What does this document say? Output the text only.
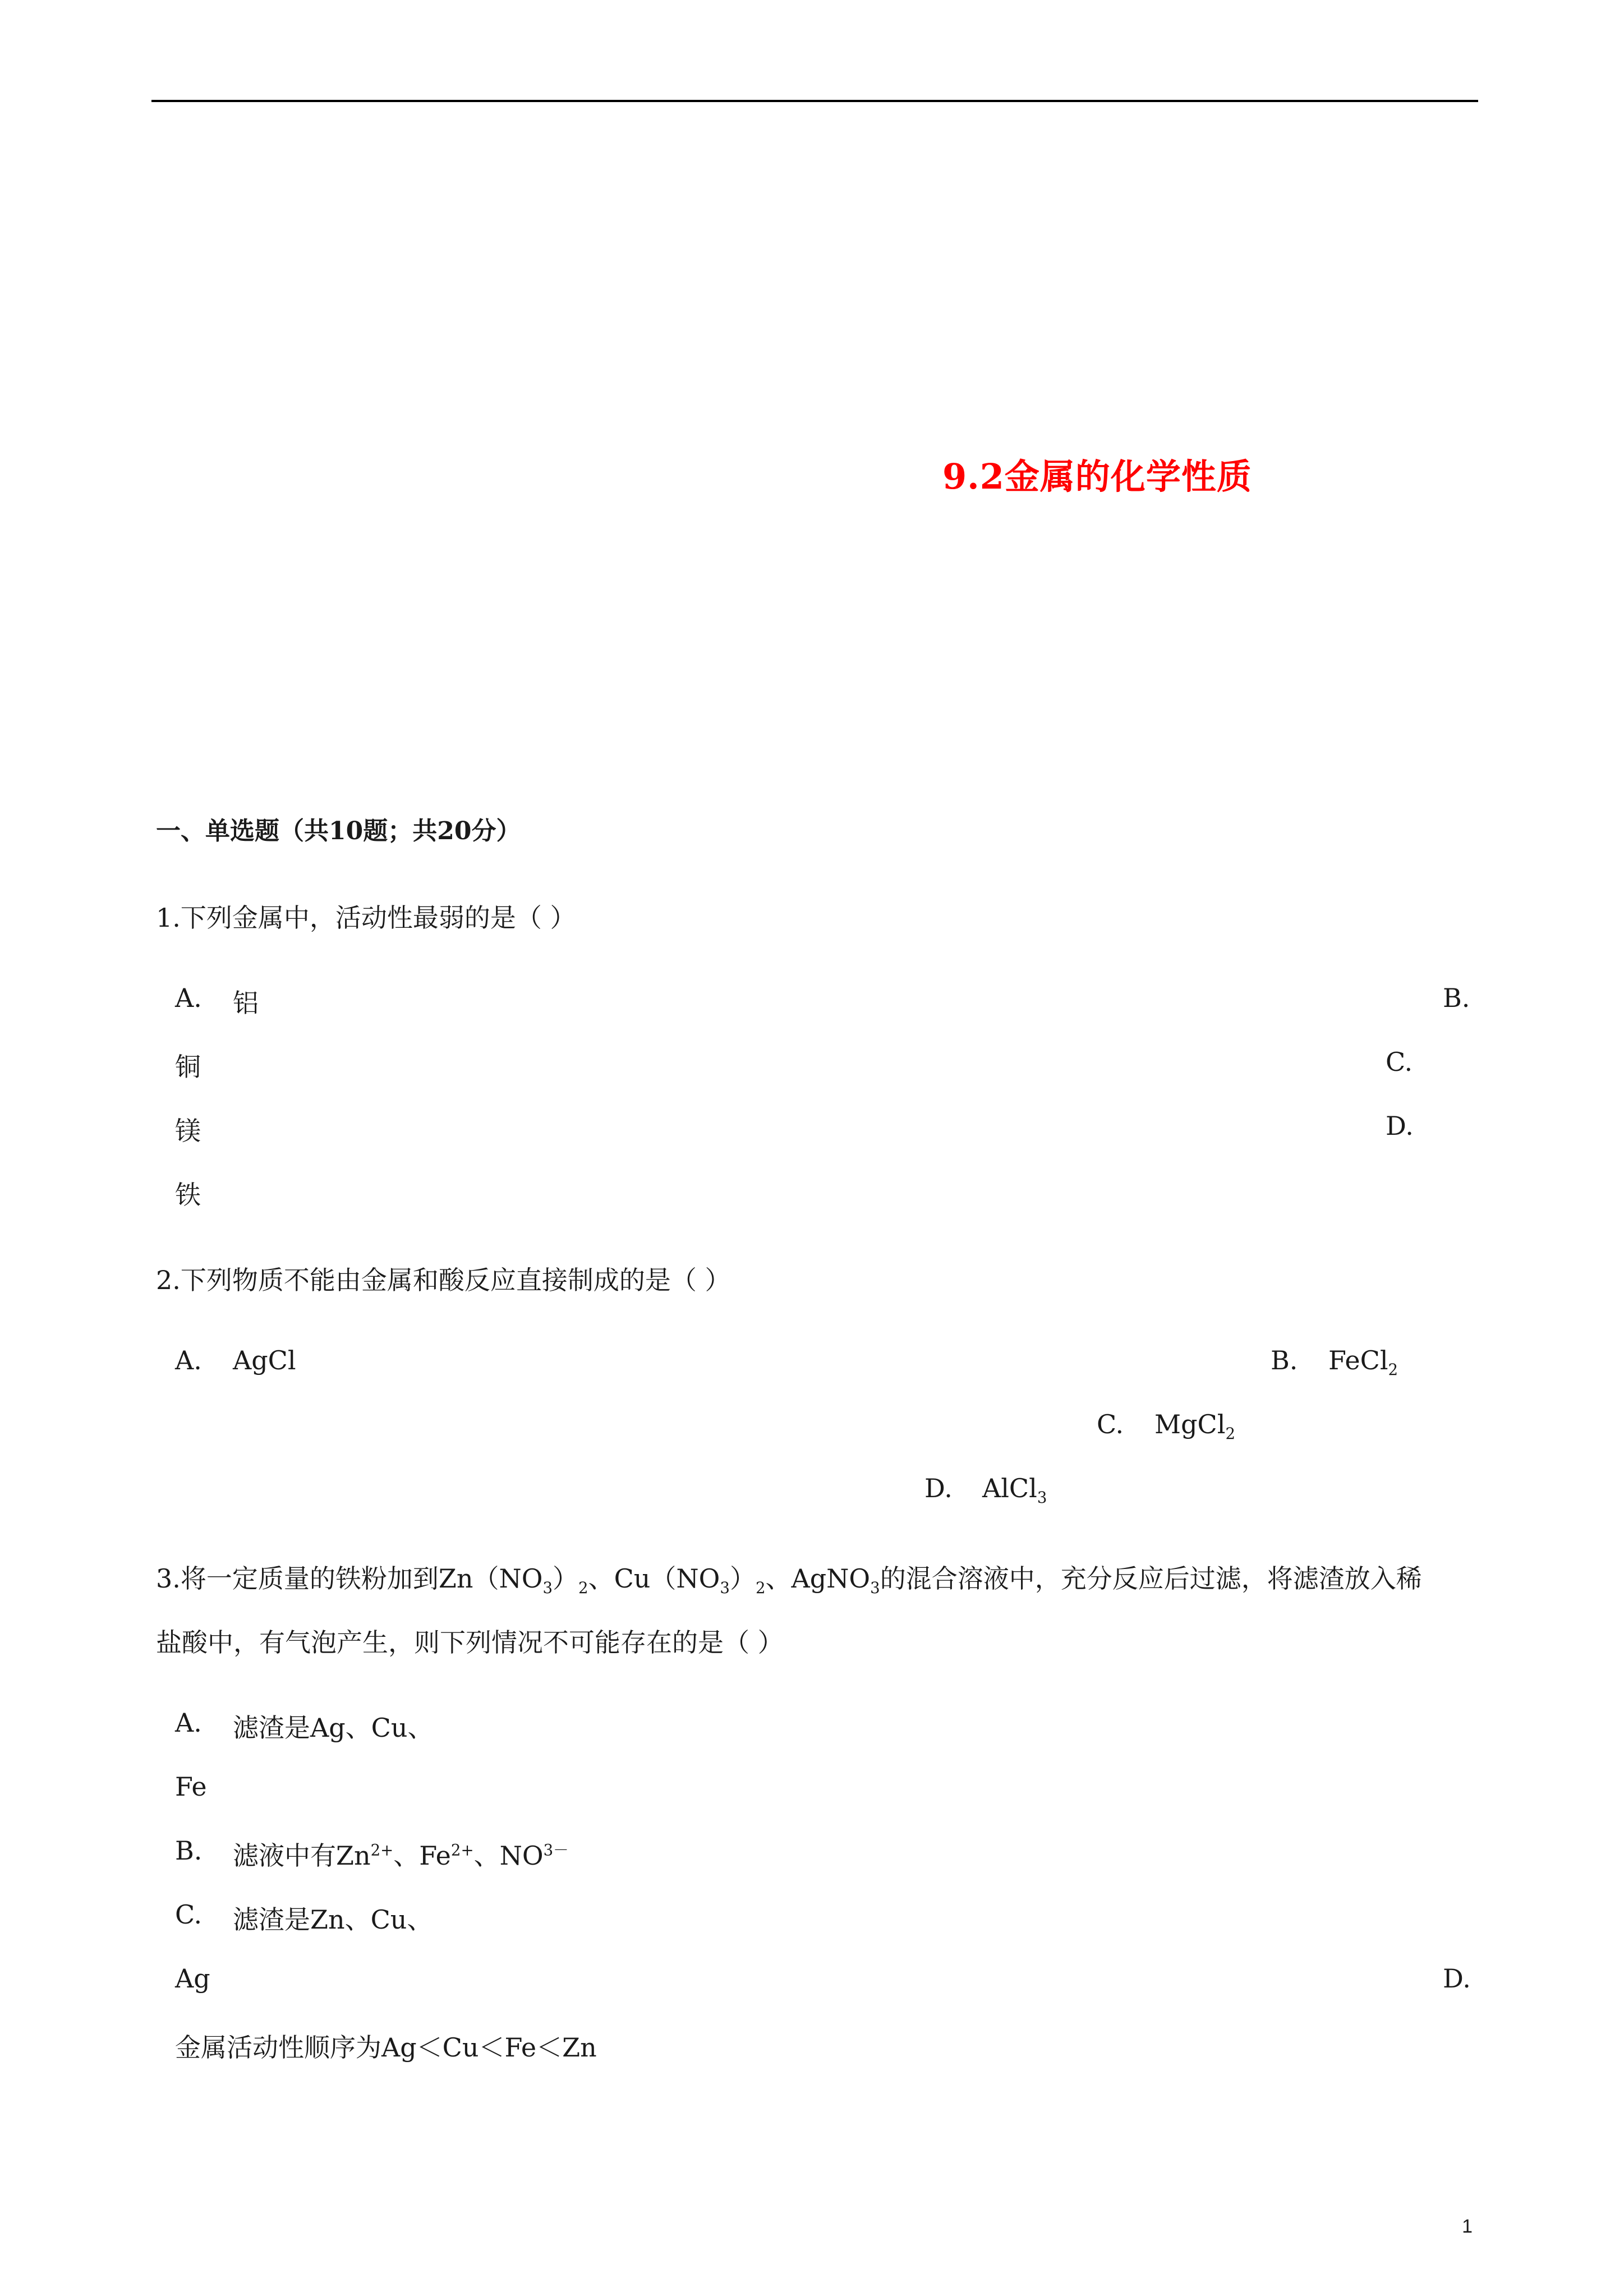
9.2金属的化学性质
一、单选题（共10题；共20分）
1.下列金属中，活动性最弱的是（ ）
A. 铝	B.
铜	C.
镁	D.
铁
2.下列物质不能由金属和酸反应直接制成的是（ ）
A. AgCl	B. FeCl$_2$
C. MgCl$_2$
D. AlCl$_3$
3.将一定质量的铁粉加到$Zn(NO_3)_2$、$Cu(NO_3)_2$、AgNO$_3$的混合溶液中，充分反应后过滤，将滤渣放入稀
盐酸中，有气泡产生，则下列情况不可能存在的是（ ）
A. 滤渣是Ag、Cu、
Fe
B. 滤液中有$Zn^{2+}$、$Fe^{2+}$、$NO^{3-}$
C. 滤渣是Zn、Cu、
Ag	D.
金属活动性顺序为Ag＜Cu＜Fe＜Zn
1
